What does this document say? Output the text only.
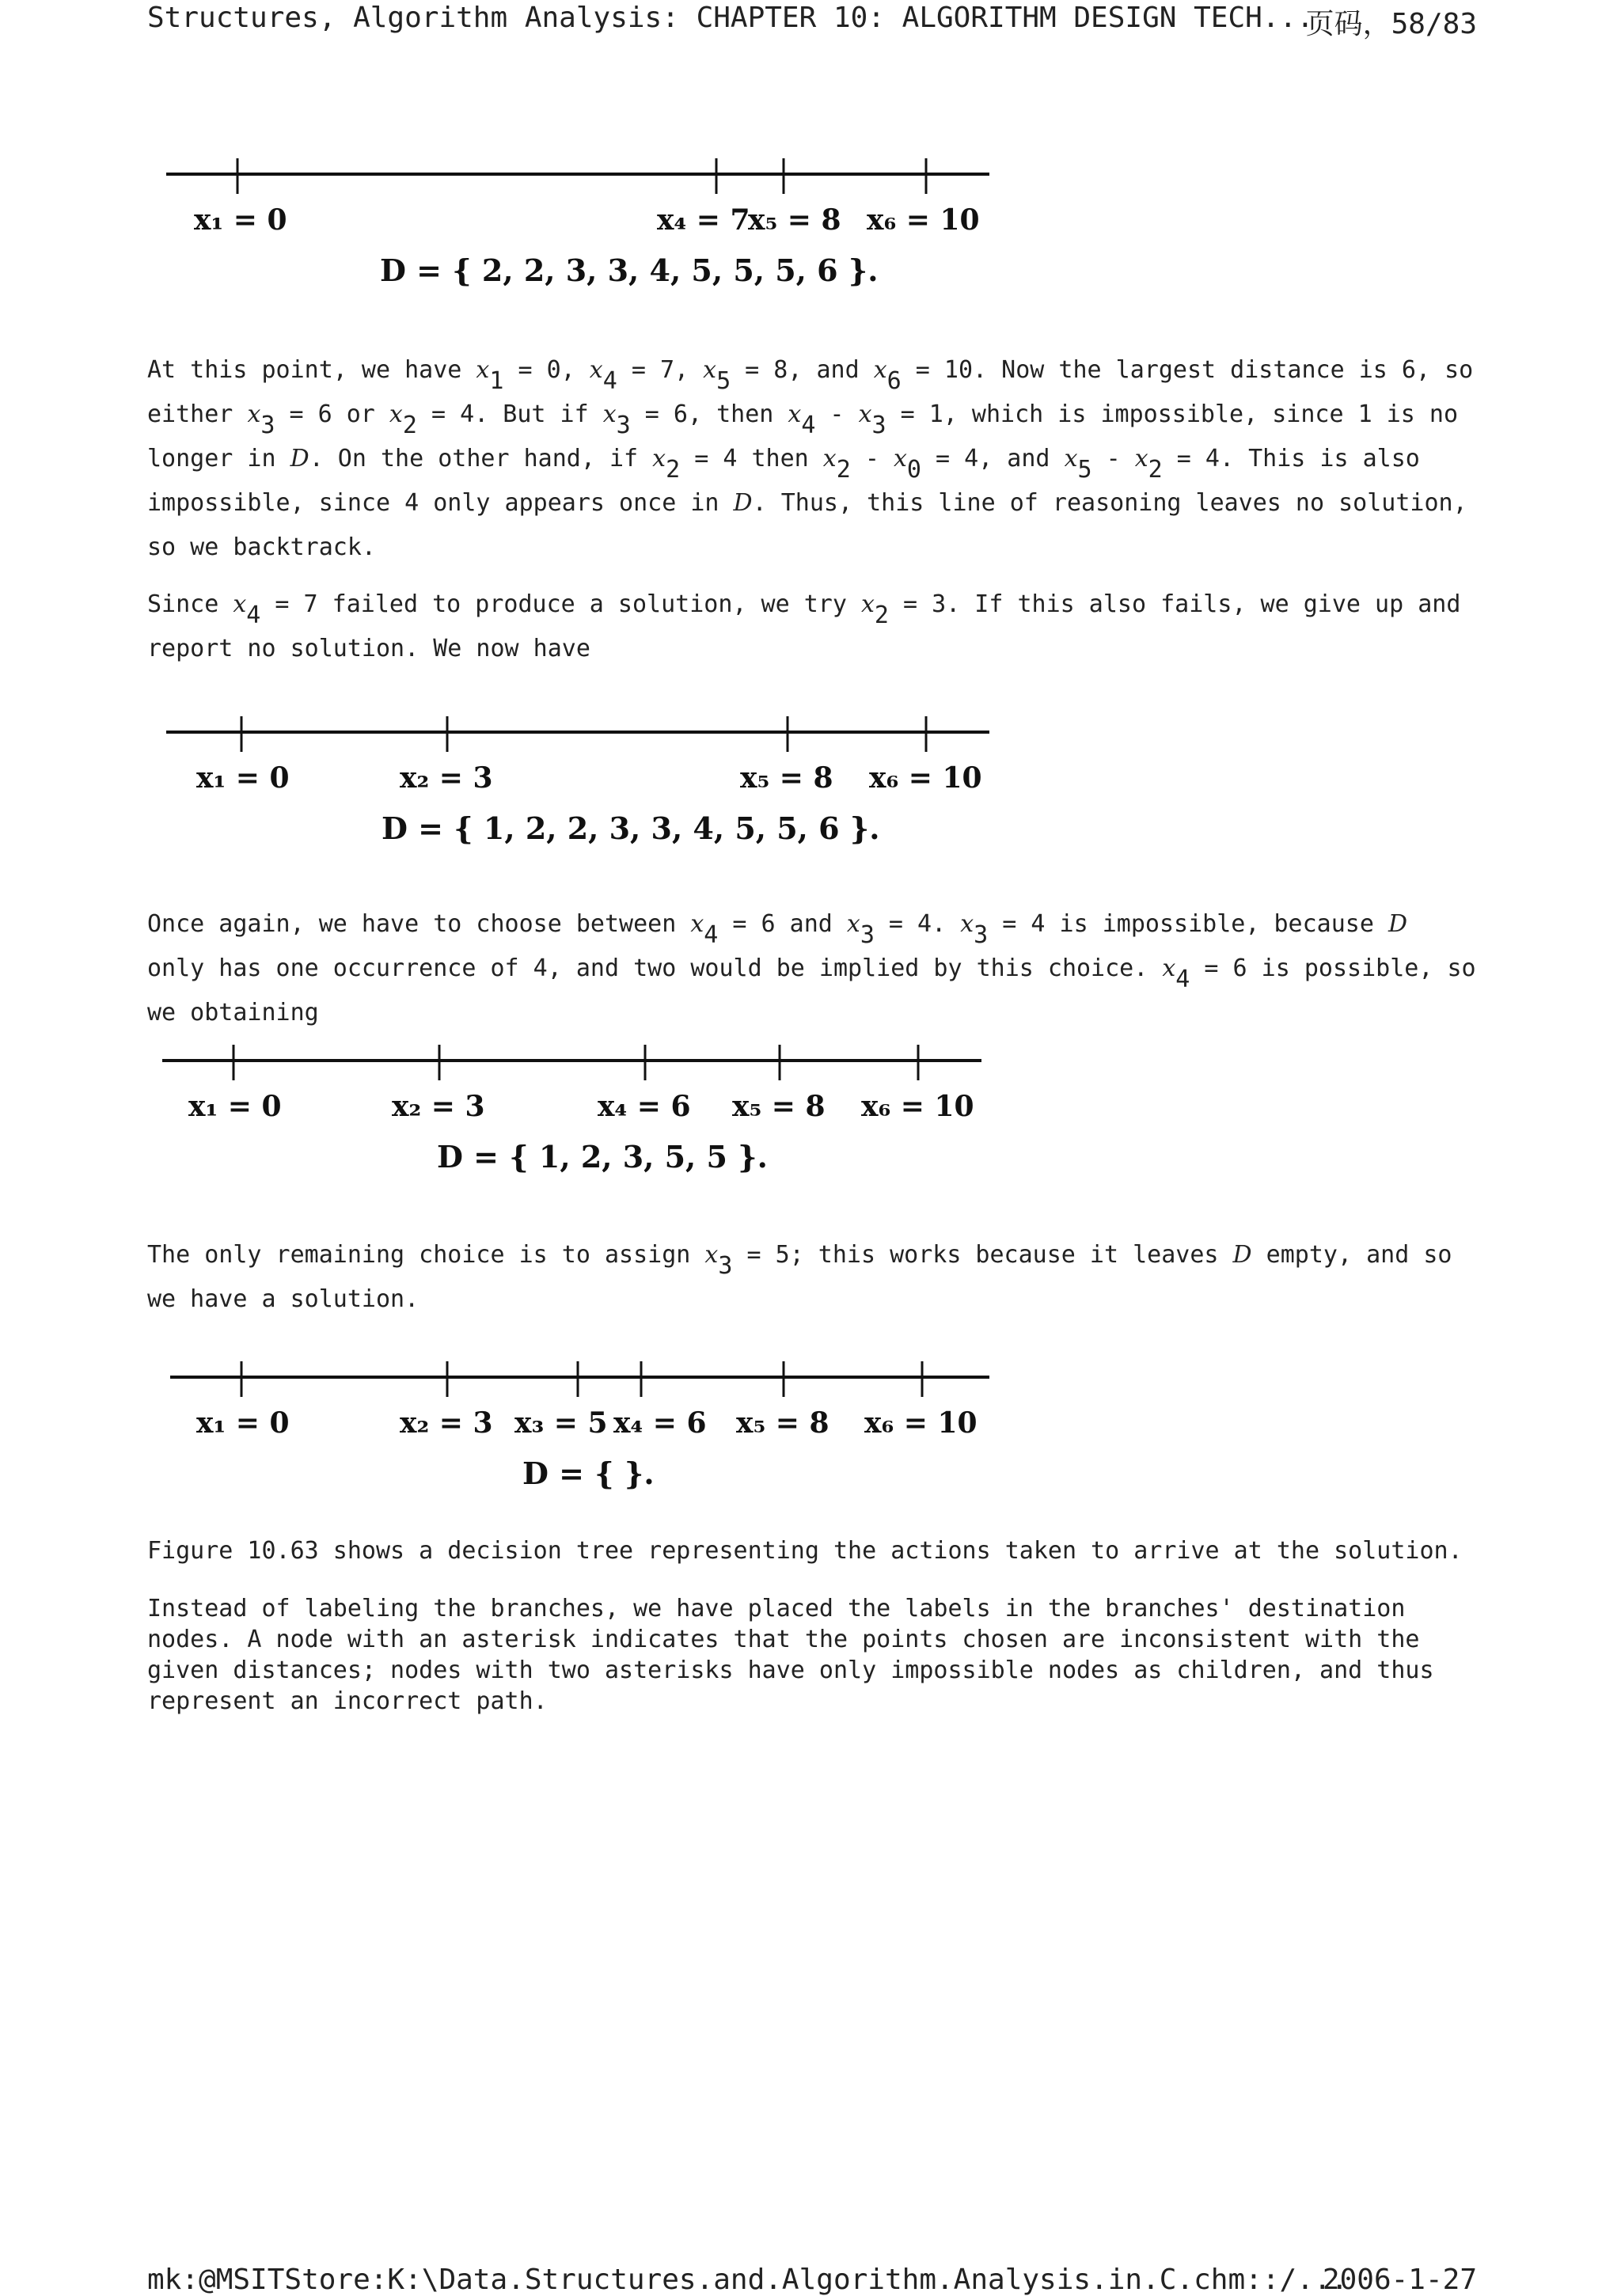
Structures, Algorithm Analysis: CHAPTER 10: ALGORITHM DESIGN TECH...
页码，58/83
x₁ = 0	x₄ = 7
x₅ = 8 x₆ = 10
D = { 2, 2, 3, 3, 4, 5, 5, 5, 6 }.
At this point, we have $x_1 = 0$, $x_4 = 7$, $x_5 = 8$, and $x_6 = 10$. Now the largest distance is 6, so either $x_3 = 6$ or $x_2 = 4$. But if $x_3 = 6$, then $x_4 - x_3 = 1$, which is impossible, since 1 is no longer in D. On the other hand, if $x_2 = 4$ then $x_2 - x_0 = 4$, and $x_5 - x_2 = 4$. This is also impossible, since 4 only appears once in D. Thus, this line of reasoning leaves no solution, so we backtrack.
Since $x_4 = 7$ failed to produce a solution, we try $x_2 = 3$. If this also fails, we give up and report no solution. We now have
x₁ = 0	x₂ = 3	x₅ = 8 x₆ = 10
D = { 1, 2, 2, 3, 3, 4, 5, 5, 6 }.
Once again, we have to choose between $x_4 = 6$ and $x_3 = 4$. $x_3 = 4$ is impossible, because D only has one occurrence of 4, and two would be implied by this choice. $x_4 = 6$ is possible, so we obtaining
x₁ = 0	x₂ = 3	x₄ = 6 x₅ = 8 x₆ = 10
D = { 1, 2, 3, 5, 5 }.
The only remaining choice is to assign $x_3 = 5$; this works because it leaves D empty, and so we have a solution.
x₁ = 0	x₂ = 3 x₃ = 5 x₄ = 6 x₅ = 8 x₆ = 10
D = { }.
Figure 10.63 shows a decision tree representing the actions taken to arrive at the solution.
Instead of labeling the branches, we have placed the labels in the branches' destination nodes. A node with an asterisk indicates that the points chosen are inconsistent with the given distances; nodes with two asterisks have only impossible nodes as children, and thus represent an incorrect path.
mk:@MSITStore:K:\Data.Structures.and.Algorithm.Analysis.in.C.chm::/...
2006-1-27
